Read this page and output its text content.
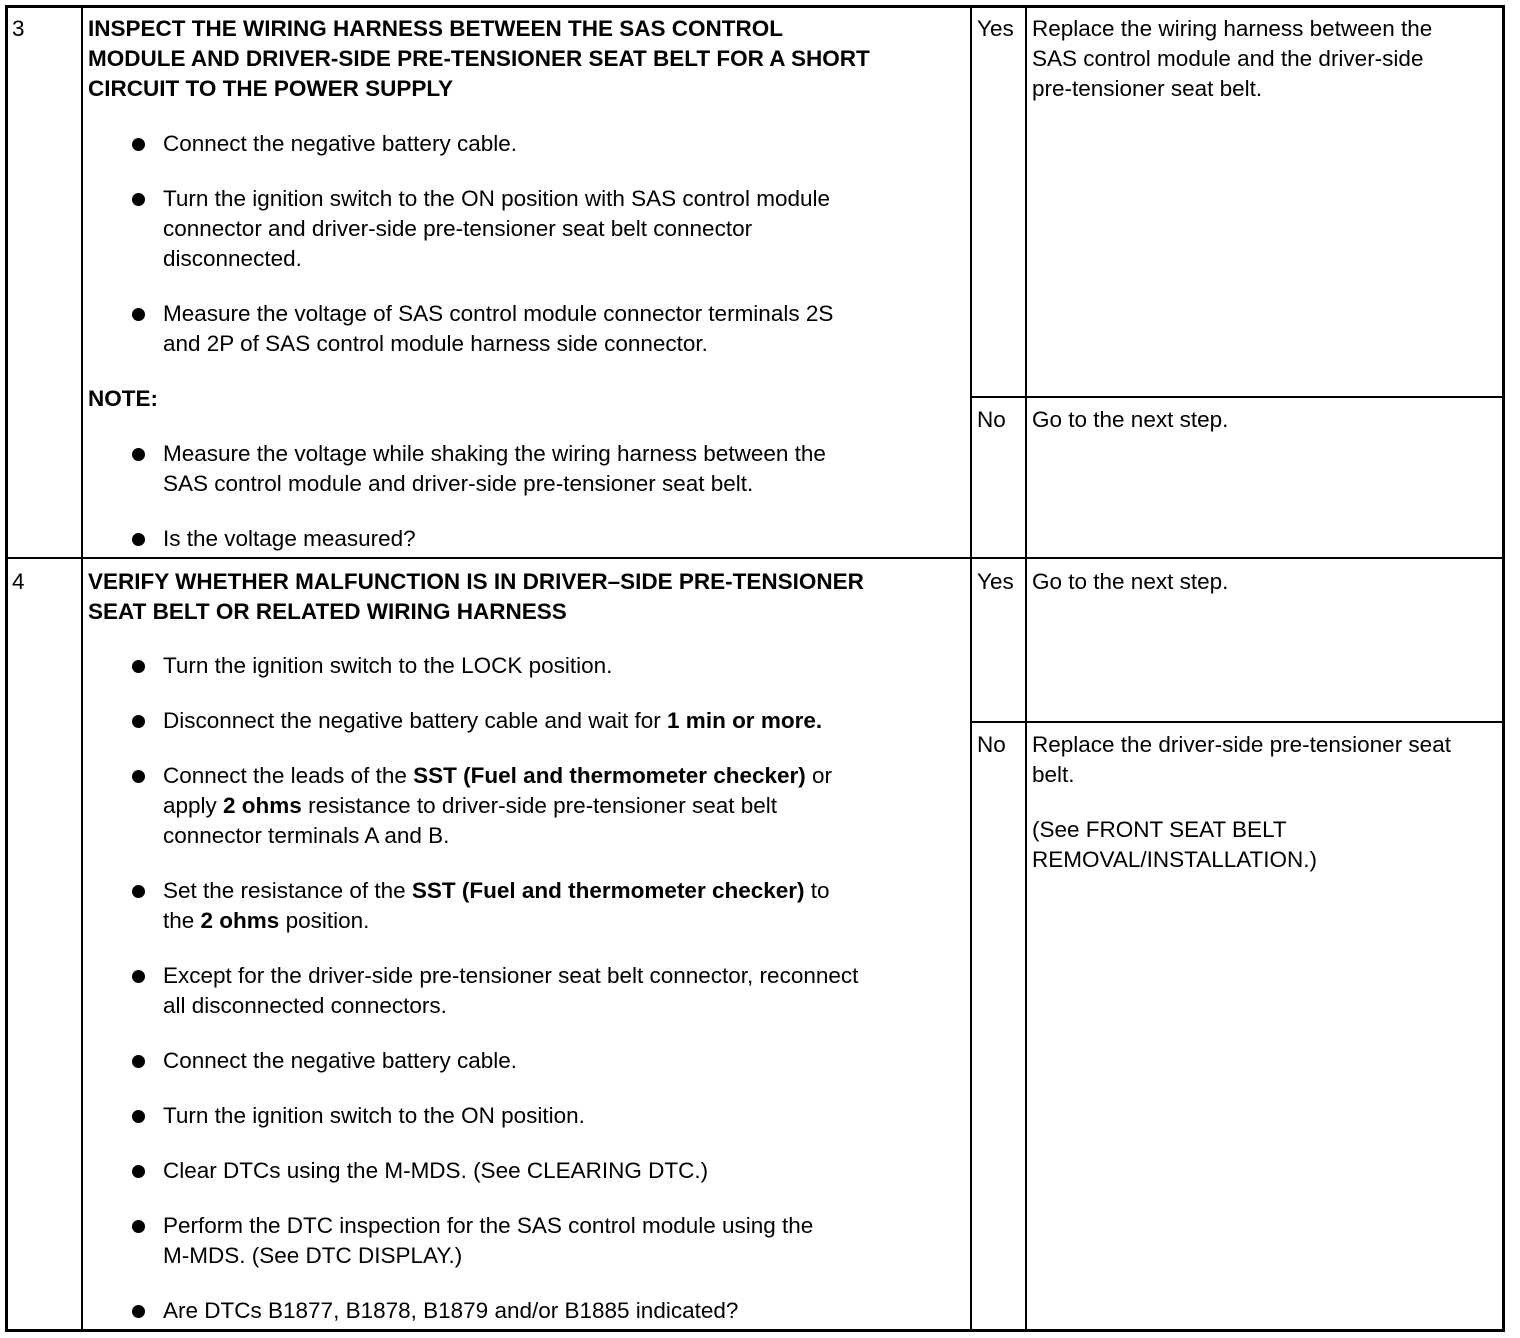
3	INSPECT THE WIRING HARNESS BETWEEN THE SAS CONTROL
MODULE AND DRIVER-SIDE PRE-TENSIONER SEAT BELT FOR A SHORT
CIRCUIT TO THE POWER SUPPLY
Connect the negative battery cable.
Turn the ignition switch to the ON position with SAS control module
connector and driver-side pre-tensioner seat belt connector
disconnected.
Measure the voltage of SAS control module connector terminals 2S
and 2P of SAS control module harness side connector.
NOTE:
Measure the voltage while shaking the wiring harness between the
SAS control module and driver-side pre-tensioner seat belt.
Is the voltage measured?
Yes Replace the wiring harness between the
SAS control module and the driver-side
pre-tensioner seat belt.
No Go to the next step.
4	VERIFY WHETHER MALFUNCTION IS IN DRIVER–SIDE PRE-TENSIONER
SEAT BELT OR RELATED WIRING HARNESS
Turn the ignition switch to the LOCK position.
Disconnect the negative battery cable and wait for 1 min or more.
Connect the leads of the SST (Fuel and thermometer checker) or
apply 2 ohms resistance to driver-side pre-tensioner seat belt
connector terminals A and B.
Set the resistance of the SST (Fuel and thermometer checker) to
the 2 ohms position.
Except for the driver-side pre-tensioner seat belt connector, reconnect
all disconnected connectors.
Connect the negative battery cable.
Turn the ignition switch to the ON position.
Clear DTCs using the M-MDS. (See CLEARING DTC.)
Perform the DTC inspection for the SAS control module using the
M-MDS. (See DTC DISPLAY.)
Are DTCs B1877, B1878, B1879 and/or B1885 indicated?
Yes Go to the next step.
No Replace the driver-side pre-tensioner seat
belt.
(See FRONT SEAT BELT
REMOVAL/INSTALLATION.)
